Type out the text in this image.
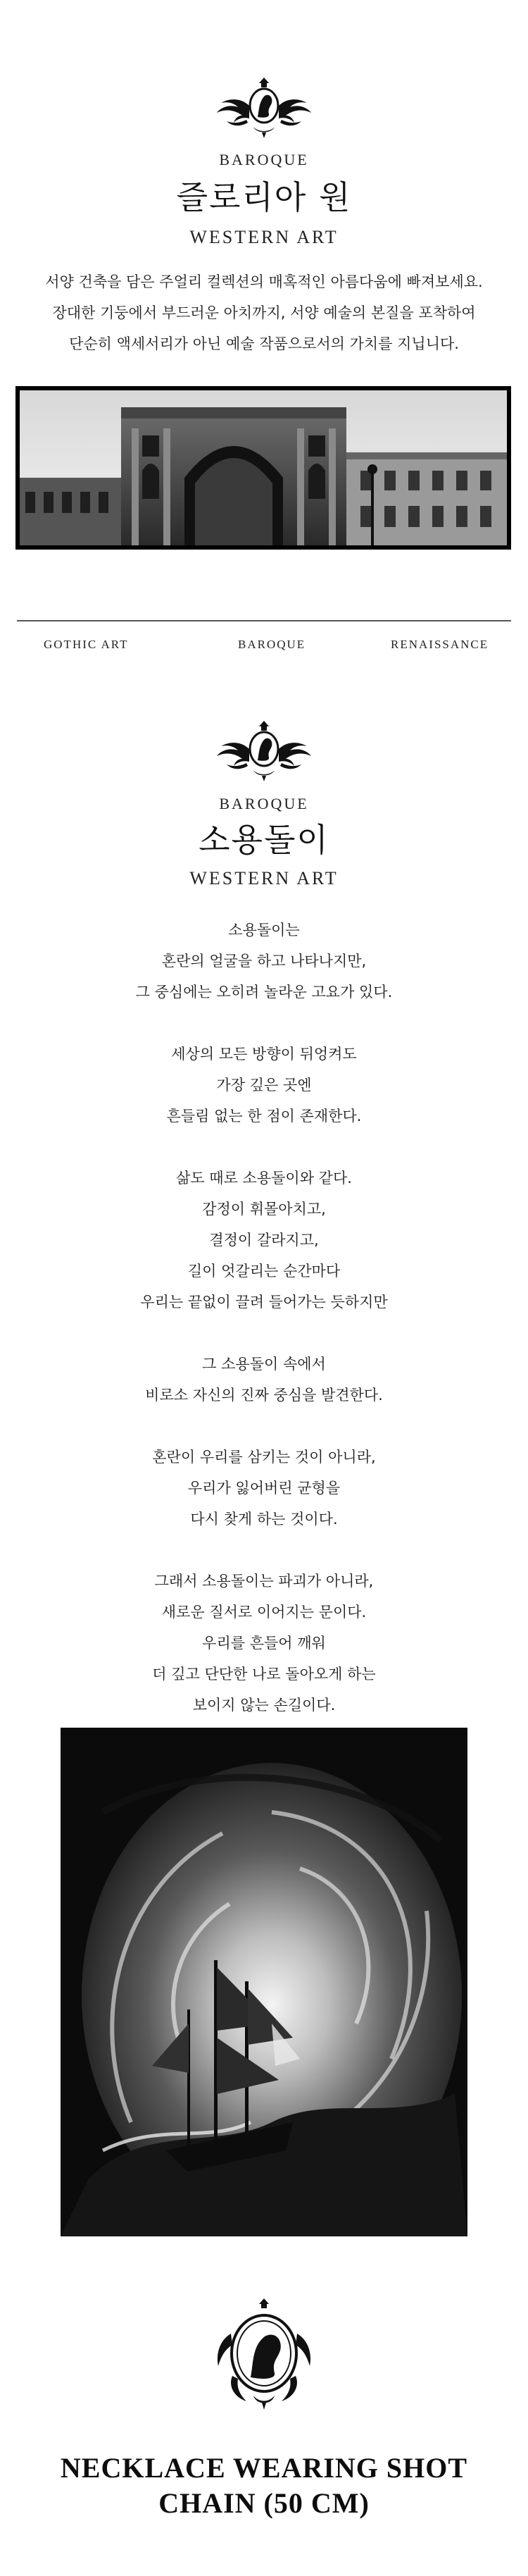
BAROQUE
즐로리아 원
WESTERN ART
서양 건축을 담은 주얼리 컬렉션의 매혹적인 아름다움에 빠져보세요.
장대한 기둥에서 부드러운 아치까지, 서양 예술의 본질을 포착하여
단순히 액세서리가 아닌 예술 작품으로서의 가치를 지닙니다.
GOTHIC ART	BAROQUE	RENAISSANCE
BAROQUE
소용돌이
WESTERN ART

소용돌이는
혼란의 얼굴을 하고 나타나지만,
그 중심에는 오히려 놀라운 고요가 있다.

세상의 모든 방향이 뒤엉켜도
가장 깊은 곳엔
흔들림 없는 한 점이 존재한다.

삶도 때로 소용돌이와 같다.
감정이 휘몰아치고,
결정이 갈라지고,
길이 엇갈리는 순간마다
우리는 끝없이 끌려 들어가는 듯하지만

그 소용돌이 속에서
비로소 자신의 진짜 중심을 발견한다.

혼란이 우리를 삼키는 것이 아니라,
우리가 잃어버린 균형을
다시 찾게 하는 것이다.

그래서 소용돌이는 파괴가 아니라,
새로운 질서로 이어지는 문이다.
우리를 흔들어 깨워
더 깊고 단단한 나로 돌아오게 하는
보이지 않는 손길이다.

NECKLACE WEARING SHOT
CHAIN (50 CM)
